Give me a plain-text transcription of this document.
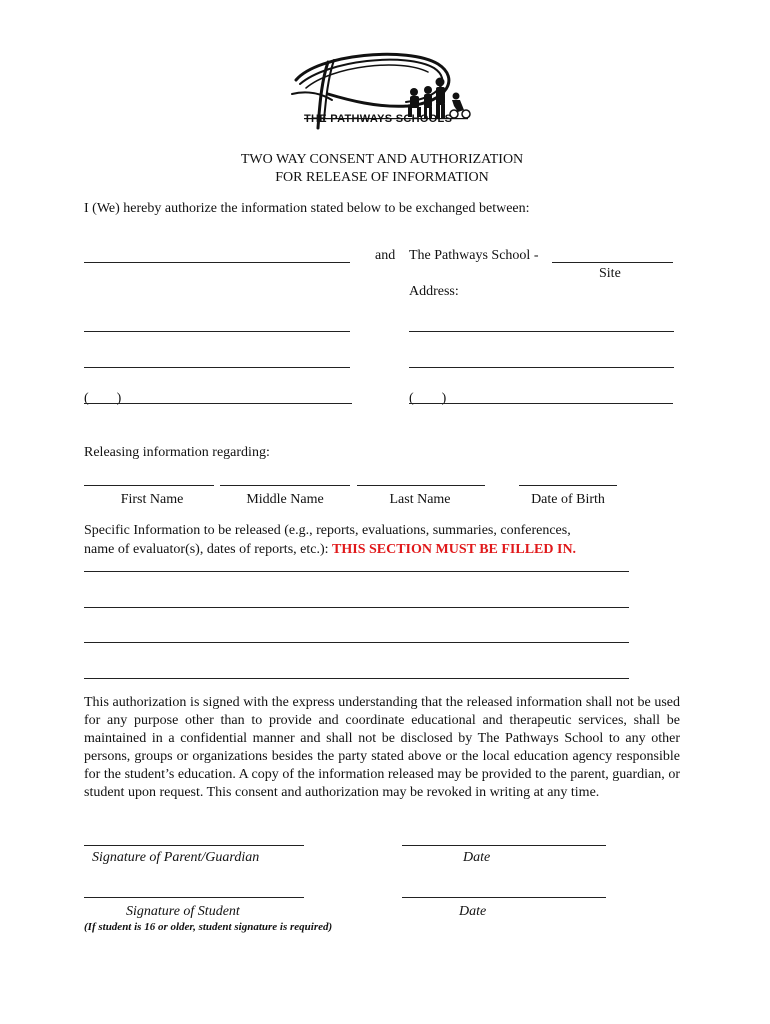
THE PATHWAYS SCHOOLS
TWO WAY CONSENT AND AUTHORIZATION
FOR RELEASE OF INFORMATION
I (We) hereby authorize the information stated below to be exchanged between:
and The Pathways School -
Site
Address:
(        )	(        )
Releasing information regarding:
First Name	Middle Name	Last Name	Date of Birth
Specific Information to be released (e.g., reports, evaluations, summaries, conferences,
name of evaluator(s), dates of reports, etc.): THIS SECTION MUST BE FILLED IN.
This authorization is signed with the express understanding that the released information shall not be used for any purpose other than to provide and coordinate educational and therapeutic services, shall be maintained in a confidential manner and shall not be disclosed by The Pathways School to any other persons, groups or organizations besides the party stated above or the local education agency responsible for the student’s education. A copy of the information released may be provided to the parent, guardian, or student upon request. This consent and authorization may be revoked in writing at any time.
Signature of Parent/Guardian	Date
Signature of Student	Date
(If student is 16 or older, student signature is required)
